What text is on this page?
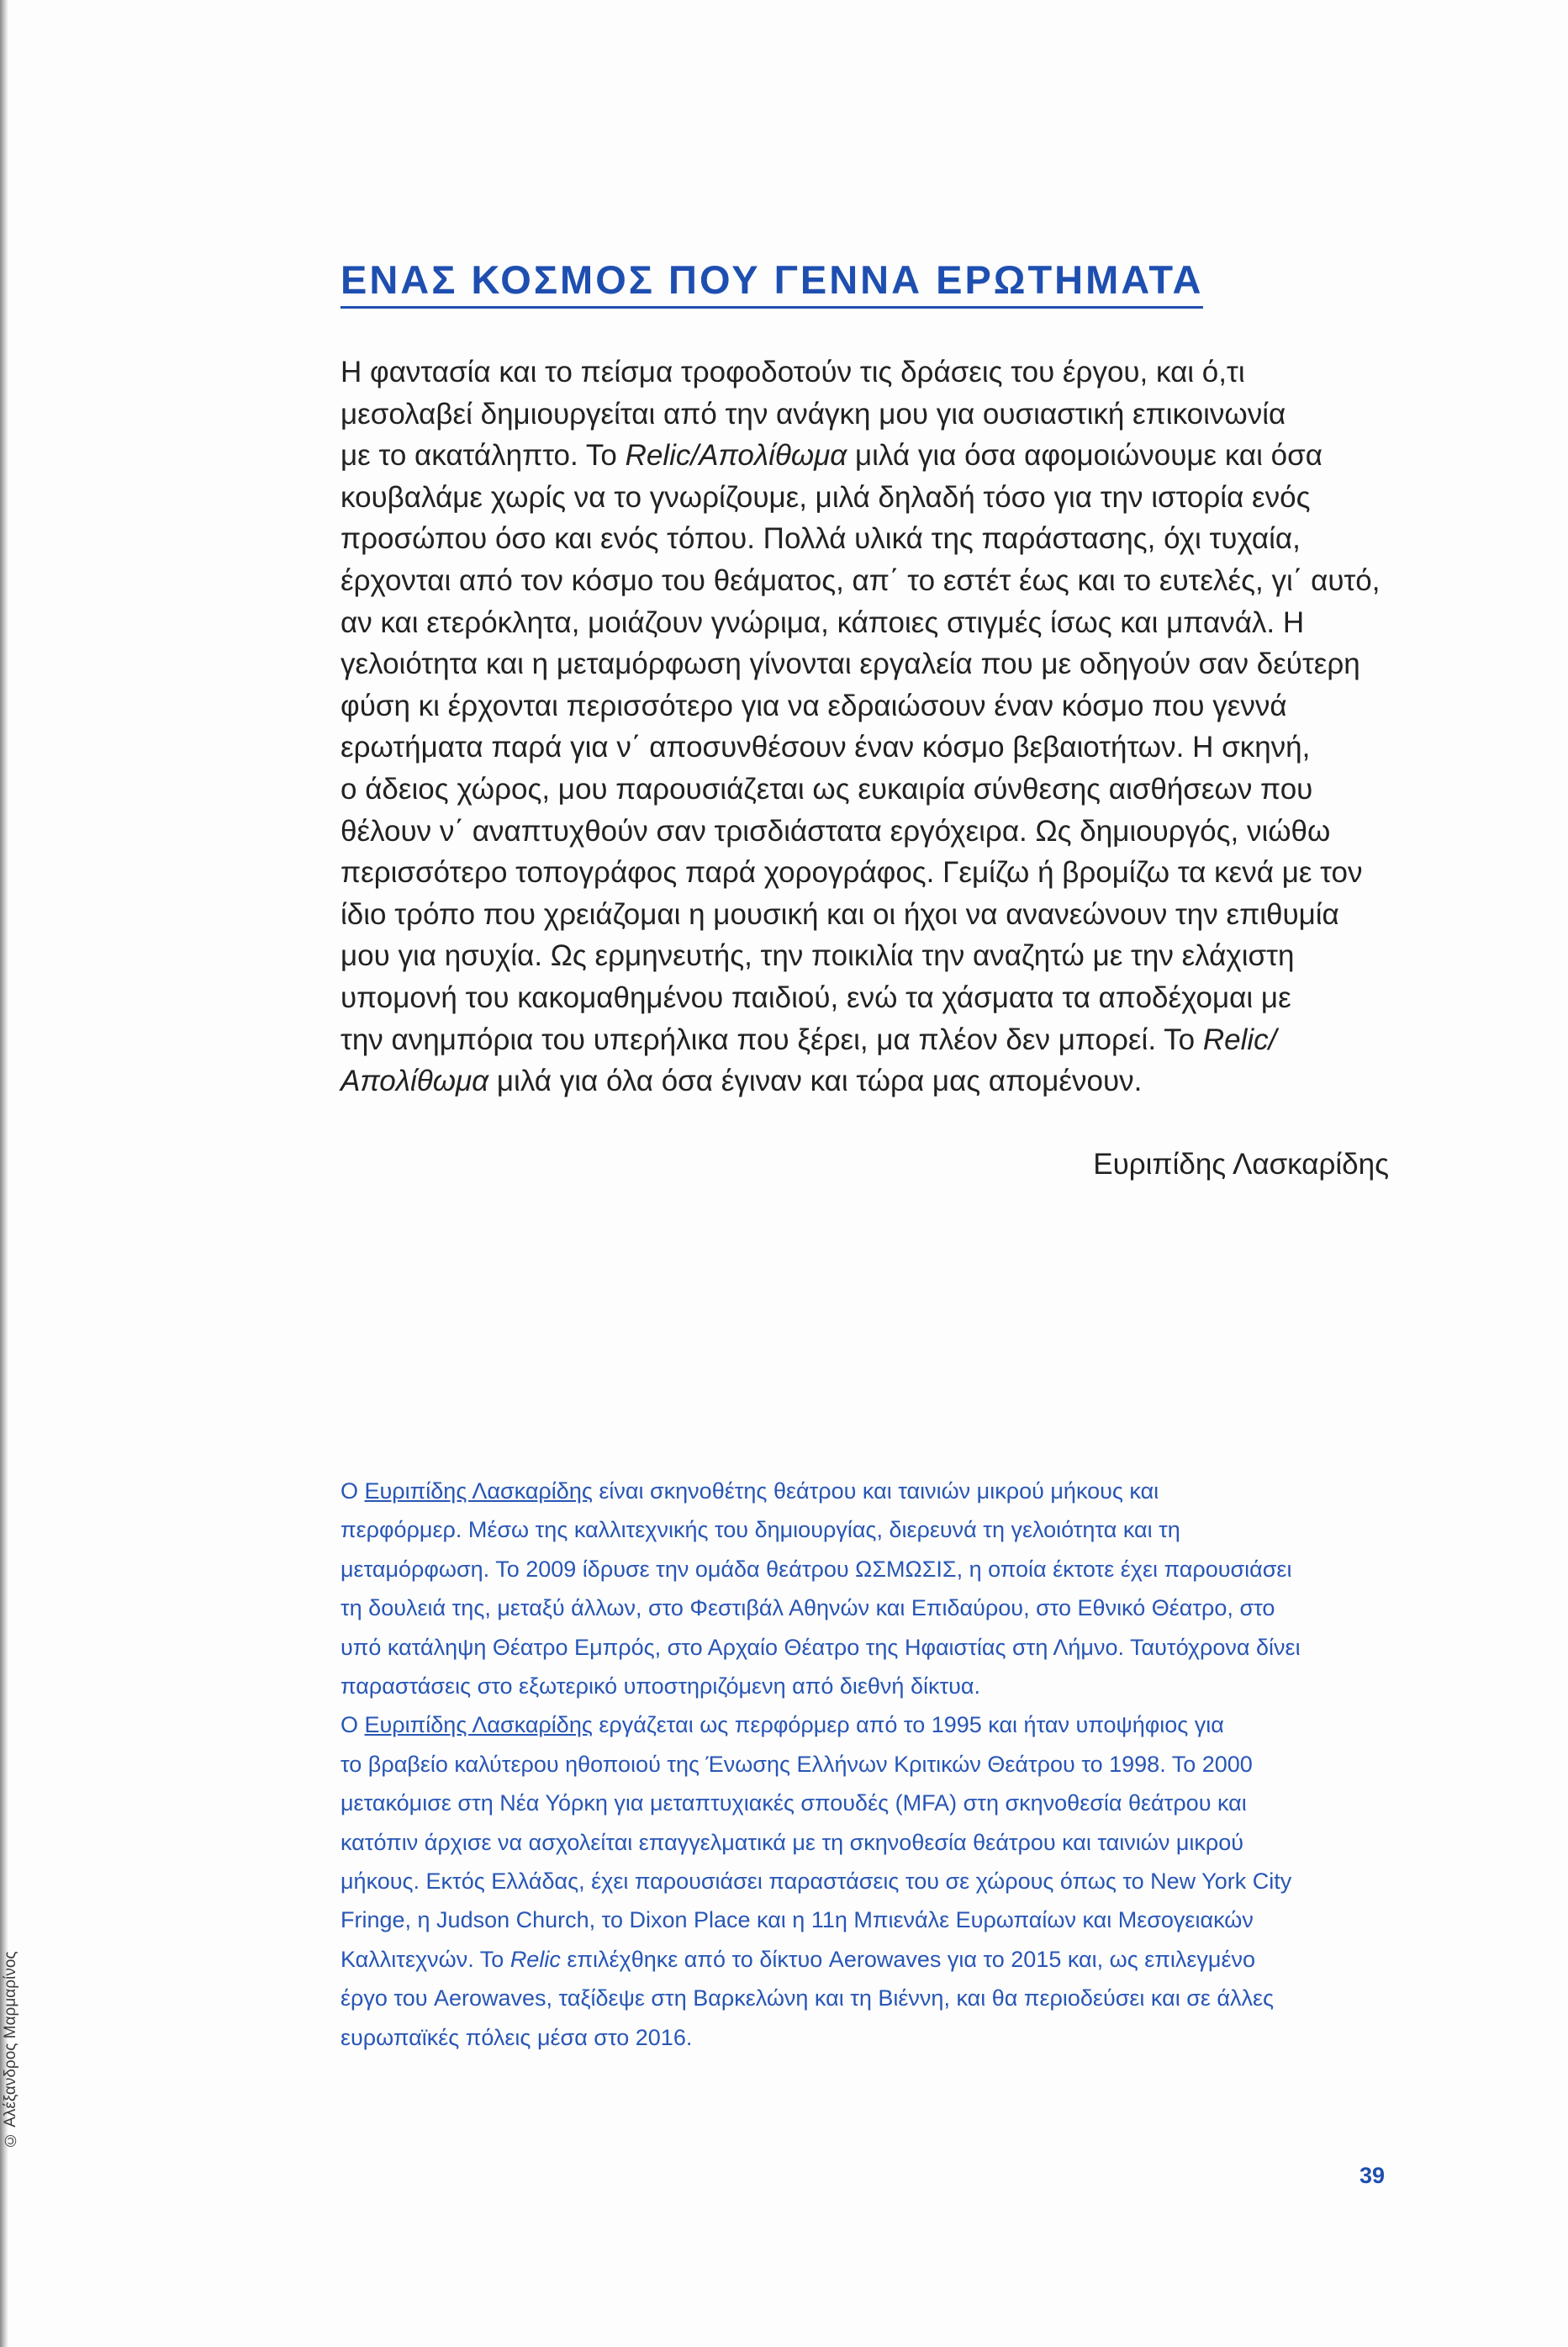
© Αλέξανδρος Μαρμαρίνος
ΕΝΑΣ ΚΟΣΜΟΣ ΠΟΥ ΓΕΝΝΑ ΕΡΩΤΗΜΑΤΑ

Η φαντασία και το πείσμα τροφοδοτούν τις δράσεις του έργου, και ό,τι

μεσολαβεί δημιουργείται από την ανάγκη μου για ουσιαστική επικοινωνία

με το ακατάληπτο. Το Relic/Απολίθωμα μιλά για όσα αφομοιώνουμε και όσα

κουβαλάμε χωρίς να το γνωρίζουμε, μιλά δηλαδή τόσο για την ιστορία ενός

προσώπου όσο και ενός τόπου. Πολλά υλικά της παράστασης, όχι τυχαία,

έρχονται από τον κόσμο του θεάματος, απ΄ το εστέτ έως και το ευτελές, γι΄ αυτό,

αν και ετερόκλητα, μοιάζουν γνώριμα, κάποιες στιγμές ίσως και μπανάλ. Η

γελοιότητα και η μεταμόρφωση γίνονται εργαλεία που με οδηγούν σαν δεύτερη

φύση κι έρχονται περισσότερο για να εδραιώσουν έναν κόσμο που γεννά

ερωτήματα παρά για ν΄ αποσυνθέσουν έναν κόσμο βεβαιοτήτων. Η σκηνή,

ο άδειος χώρος, μου παρουσιάζεται ως ευκαιρία σύνθεσης αισθήσεων που

θέλουν ν΄ αναπτυχθούν σαν τρισδιάστατα εργόχειρα. Ως δημιουργός, νιώθω

περισσότερο τοπογράφος παρά χορογράφος. Γεμίζω ή βρομίζω τα κενά με τον

ίδιο τρόπο που χρειάζομαι η μουσική και οι ήχοι να ανανεώνουν την επιθυμία

μου για ησυχία. Ως ερμηνευτής, την ποικιλία την αναζητώ με την ελάχιστη

υπομονή του κακομαθημένου παιδιού, ενώ τα χάσματα τα αποδέχομαι με

την ανημπόρια του υπερήλικα που ξέρει, μα πλέον δεν μπορεί. Το Relic/

Απολίθωμα μιλά για όλα όσα έγιναν και τώρα μας απομένουν.

Ευριπίδης Λασκαρίδης

Ο Ευριπίδης Λασκαρίδης είναι σκηνοθέτης θεάτρου και ταινιών μικρού μήκους και

περφόρμερ. Μέσω της καλλιτεχνικής του δημιουργίας, διερευνά τη γελοιότητα και τη

μεταμόρφωση. Το 2009 ίδρυσε την ομάδα θεάτρου ΩΣΜΩΣΙΣ, η οποία έκτοτε έχει παρουσιάσει

τη δουλειά της, μεταξύ άλλων, στο Φεστιβάλ Αθηνών και Επιδαύρου, στο Εθνικό Θέατρο, στο

υπό κατάληψη Θέατρο Εμπρός, στο Αρχαίο Θέατρο της Ηφαιστίας στη Λήμνο. Ταυτόχρονα δίνει

παραστάσεις στο εξωτερικό υποστηριζόμενη από διεθνή δίκτυα.

Ο Ευριπίδης Λασκαρίδης εργάζεται ως περφόρμερ από το 1995 και ήταν υποψήφιος για

το βραβείο καλύτερου ηθοποιού της Ένωσης Ελλήνων Κριτικών Θεάτρου το 1998. Το 2000

μετακόμισε στη Νέα Υόρκη για μεταπτυχιακές σπουδές (MFA) στη σκηνοθεσία θεάτρου και

κατόπιν άρχισε να ασχολείται επαγγελματικά με τη σκηνοθεσία θεάτρου και ταινιών μικρού

μήκους. Εκτός Ελλάδας, έχει παρουσιάσει παραστάσεις του σε χώρους όπως το New York City

Fringe, η Judson Church, το Dixon Place και η 11η Μπιενάλε Ευρωπαίων και Μεσογειακών

Καλλιτεχνών. Το Relic επιλέχθηκε από το δίκτυο Aerowaves για το 2015 και, ως επιλεγμένο

έργο του Aerowaves, ταξίδεψε στη Βαρκελώνη και τη Βιέννη, και θα περιοδεύσει και σε άλλες

ευρωπαϊκές πόλεις μέσα στο 2016.

39
